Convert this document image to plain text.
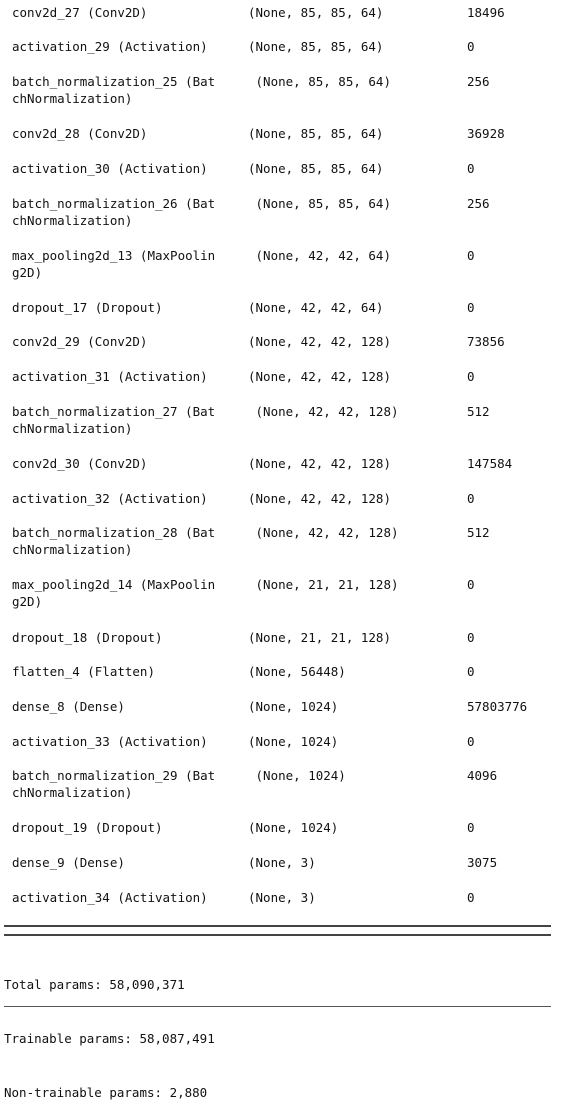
conv2d_27 (Conv2D)	(None, 85, 85, 64)	18496
activation_29 (Activation)	(None, 85, 85, 64)	0
batch_normalization_25 (Bat
chNormalization)
(None, 85, 85, 64)	256
conv2d_28 (Conv2D)	(None, 85, 85, 64)	36928
activation_30 (Activation)	(None, 85, 85, 64)	0
batch_normalization_26 (Bat
chNormalization)
(None, 85, 85, 64)	256
max_pooling2d_13 (MaxPoolin
g2D)
(None, 42, 42, 64)	0
dropout_17 (Dropout)	(None, 42, 42, 64)	0
conv2d_29 (Conv2D)	(None, 42, 42, 128)	73856
activation_31 (Activation)	(None, 42, 42, 128)	0
batch_normalization_27 (Bat
chNormalization)
(None, 42, 42, 128)	512
conv2d_30 (Conv2D)	(None, 42, 42, 128)	147584
activation_32 (Activation)	(None, 42, 42, 128)	0
batch_normalization_28 (Bat
chNormalization)
(None, 42, 42, 128)	512
max_pooling2d_14 (MaxPoolin
g2D)
(None, 21, 21, 128)	0
dropout_18 (Dropout)	(None, 21, 21, 128)	0
flatten_4 (Flatten)	(None, 56448)	0
dense_8 (Dense)	(None, 1024)	57803776
activation_33 (Activation)	(None, 1024)	0
batch_normalization_29 (Bat
chNormalization)
(None, 1024)	4096
dropout_19 (Dropout)	(None, 1024)	0
dense_9 (Dense)	(None, 3)	3075
activation_34 (Activation)	(None, 3)	0

Total params: 58,090,371

Trainable params: 58,087,491

Non-trainable params: 2,880
